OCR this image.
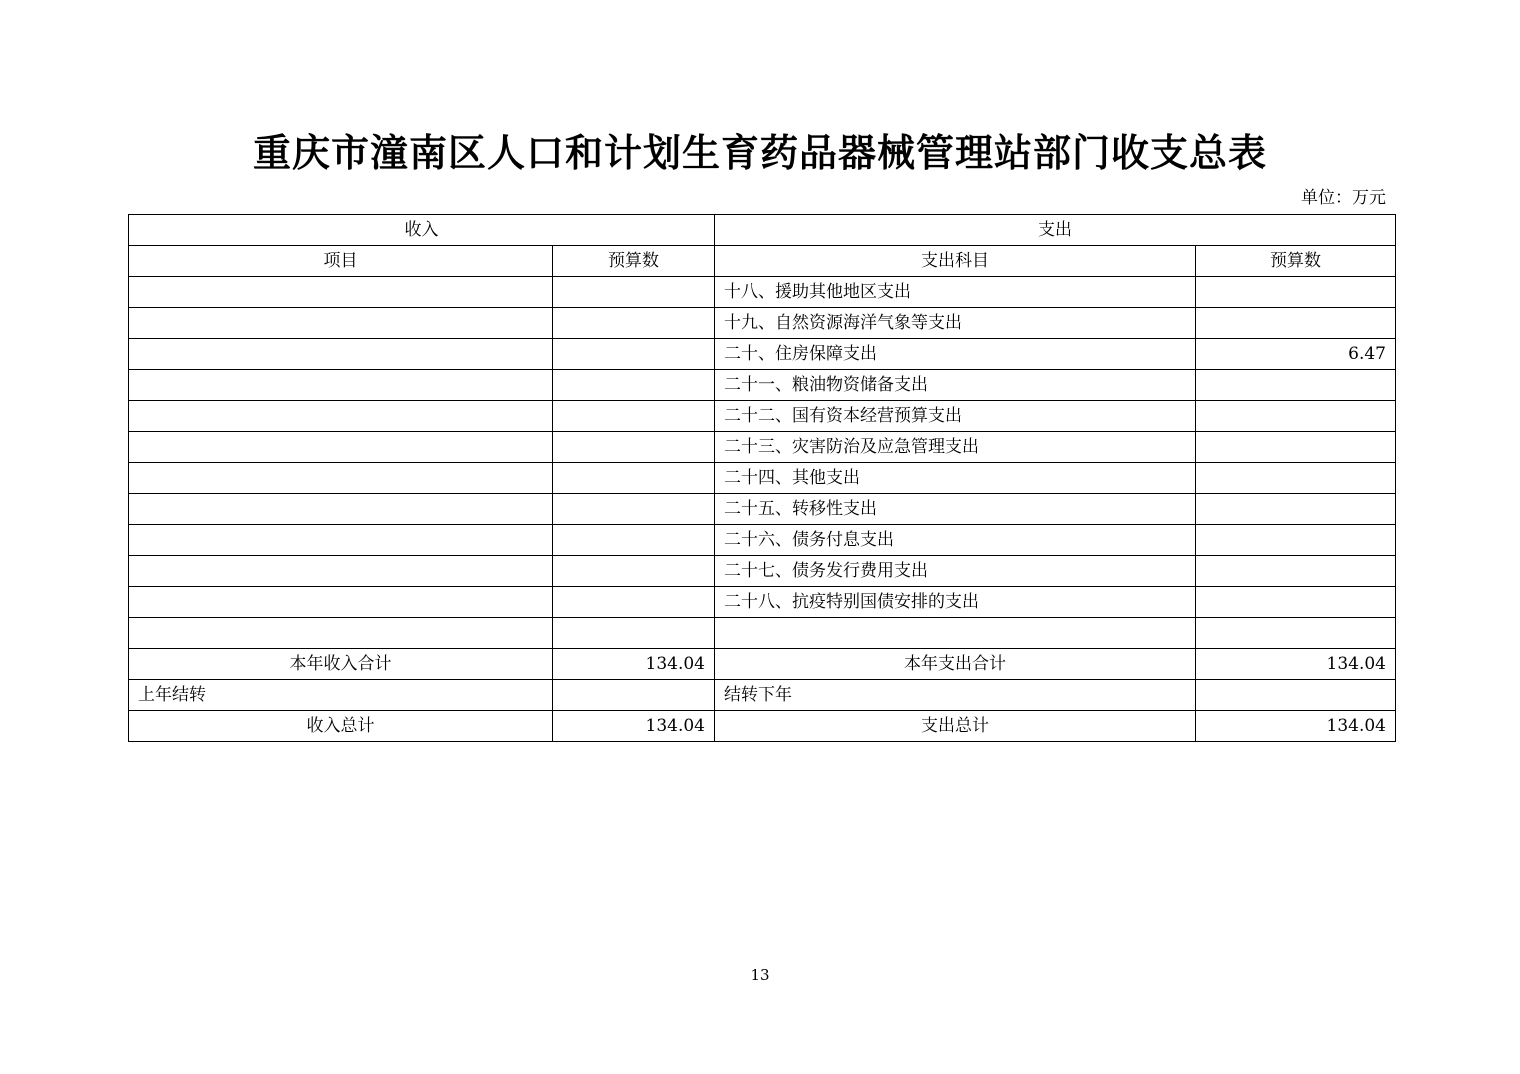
重庆市潼南区人口和计划生育药品器械管理站部门收支总表
单位：万元
收入		支出	
项目	预算数	支出科目	预算数
		十八、援助其他地区支出	
		十九、自然资源海洋气象等支出	
		二十、住房保障支出	6.47
		二十一、粮油物资储备支出	
		二十二、国有资本经营预算支出	
		二十三、灾害防治及应急管理支出	
		二十四、其他支出	
		二十五、转移性支出	
		二十六、债务付息支出	
		二十七、债务发行费用支出	
		二十八、抗疫特别国债安排的支出	

本年收入合计	134.04	本年支出合计	134.04
上年结转		结转下年	
收入总计	134.04	支出总计	134.04
13
